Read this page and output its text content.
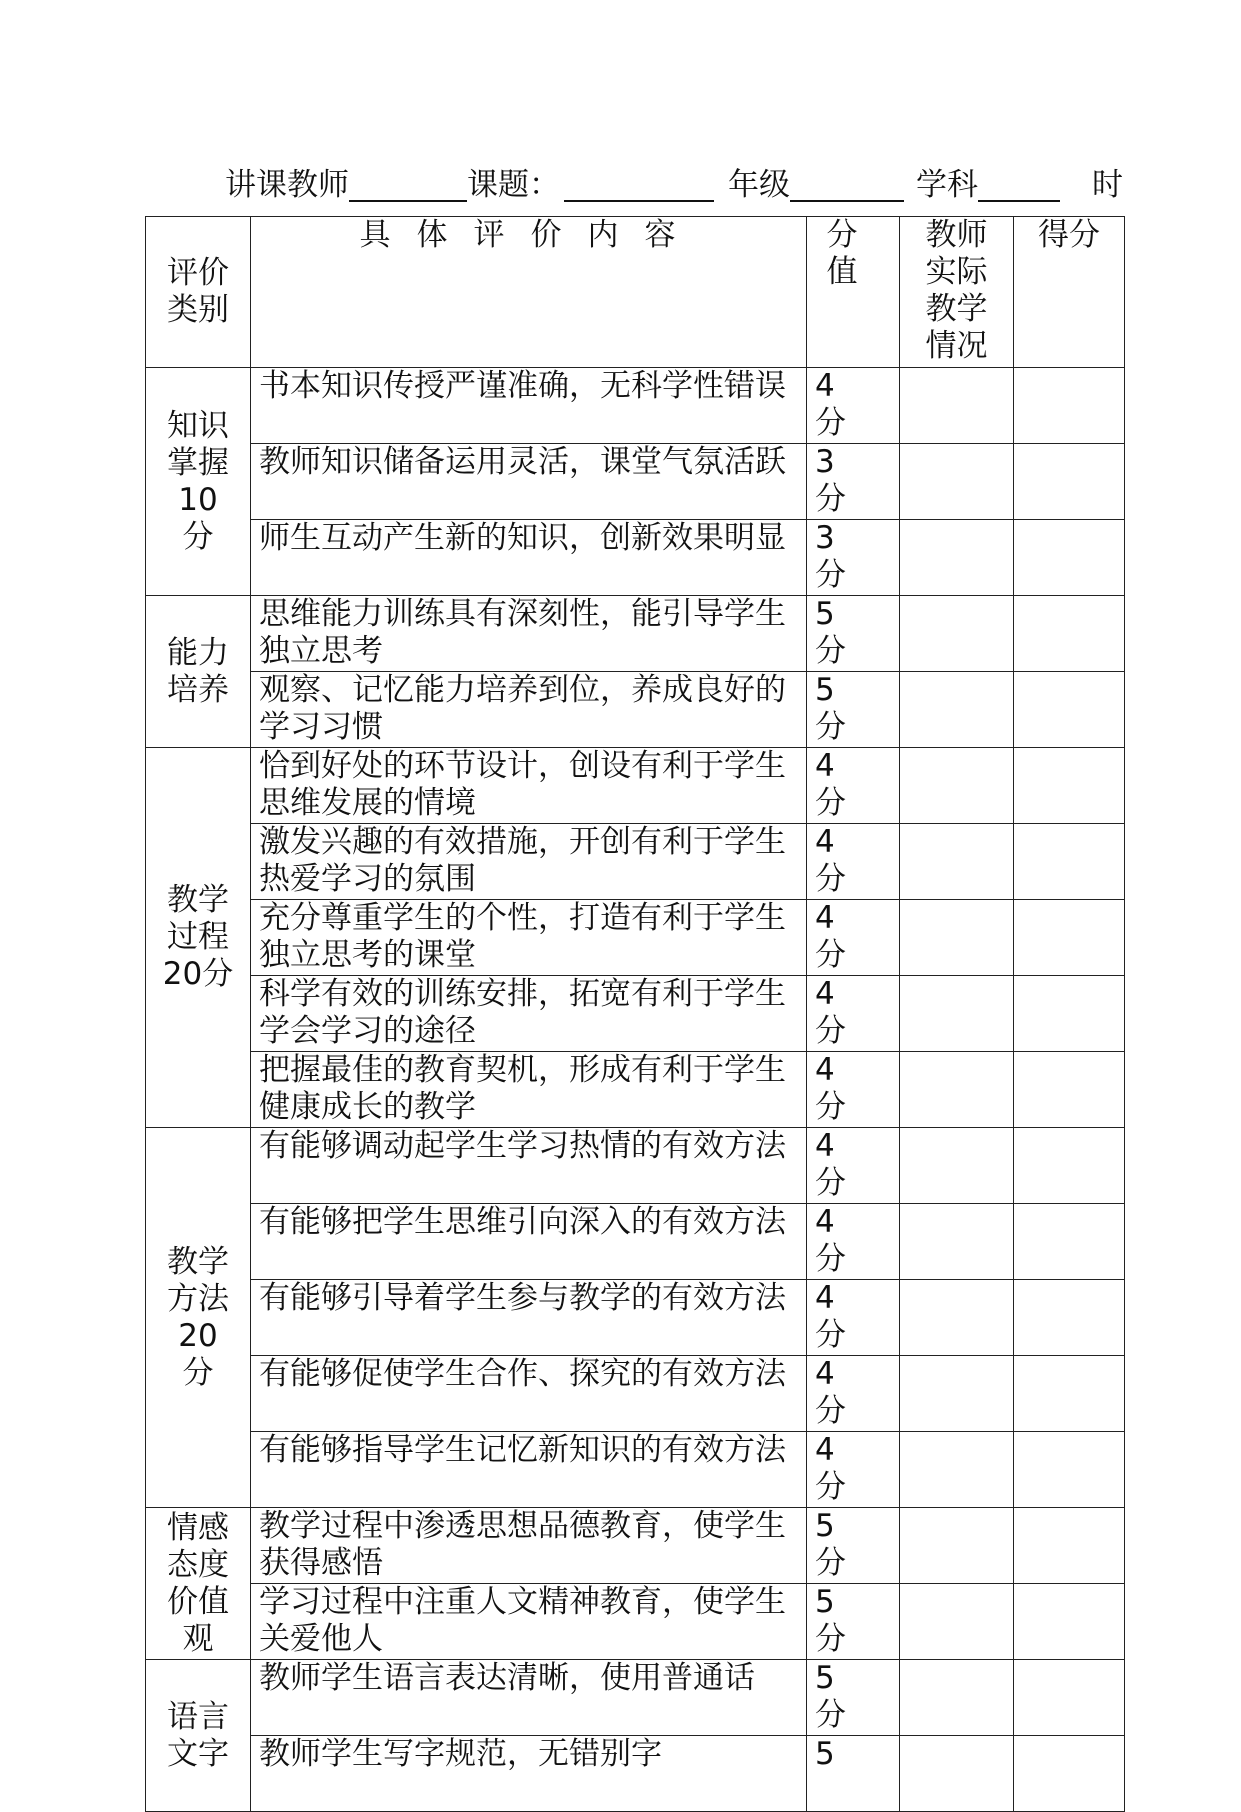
讲课教师	课题：	年级	学科	时
评价类别	具体评价内容	分值	教师实际教学情况	得分
知识掌握10分	书本知识传授严谨准确，无科学性错误	4分		
	教师知识储备运用灵活，课堂气氛活跃	3分		
	师生互动产生新的知识，创新效果明显	3分		
能力培养	思维能力训练具有深刻性，能引导学生独立思考	5分		
	观察、记忆能力培养到位，养成良好的学习习惯	5分		
教学过程20分	恰到好处的环节设计，创设有利于学生思维发展的情境	4分		
	激发兴趣的有效措施，开创有利于学生热爱学习的氛围	4分		
	充分尊重学生的个性，打造有利于学生独立思考的课堂	4分		
	科学有效的训练安排，拓宽有利于学生学会学习的途径	4分		
	把握最佳的教育契机，形成有利于学生健康成长的教学	4分		
教学方法20分	有能够调动起学生学习热情的有效方法	4分		
	有能够把学生思维引向深入的有效方法	4分		
	有能够引导着学生参与教学的有效方法	4分		
	有能够促使学生合作、探究的有效方法	4分		
	有能够指导学生记忆新知识的有效方法	4分		
情感态度价值观	教学过程中渗透思想品德教育，使学生获得感悟	5分		
	学习过程中注重人文精神教育，使学生关爱他人	5分		
语言文字	教师学生语言表达清晰，使用普通话	5分		
	教师学生写字规范，无错别字	5		
